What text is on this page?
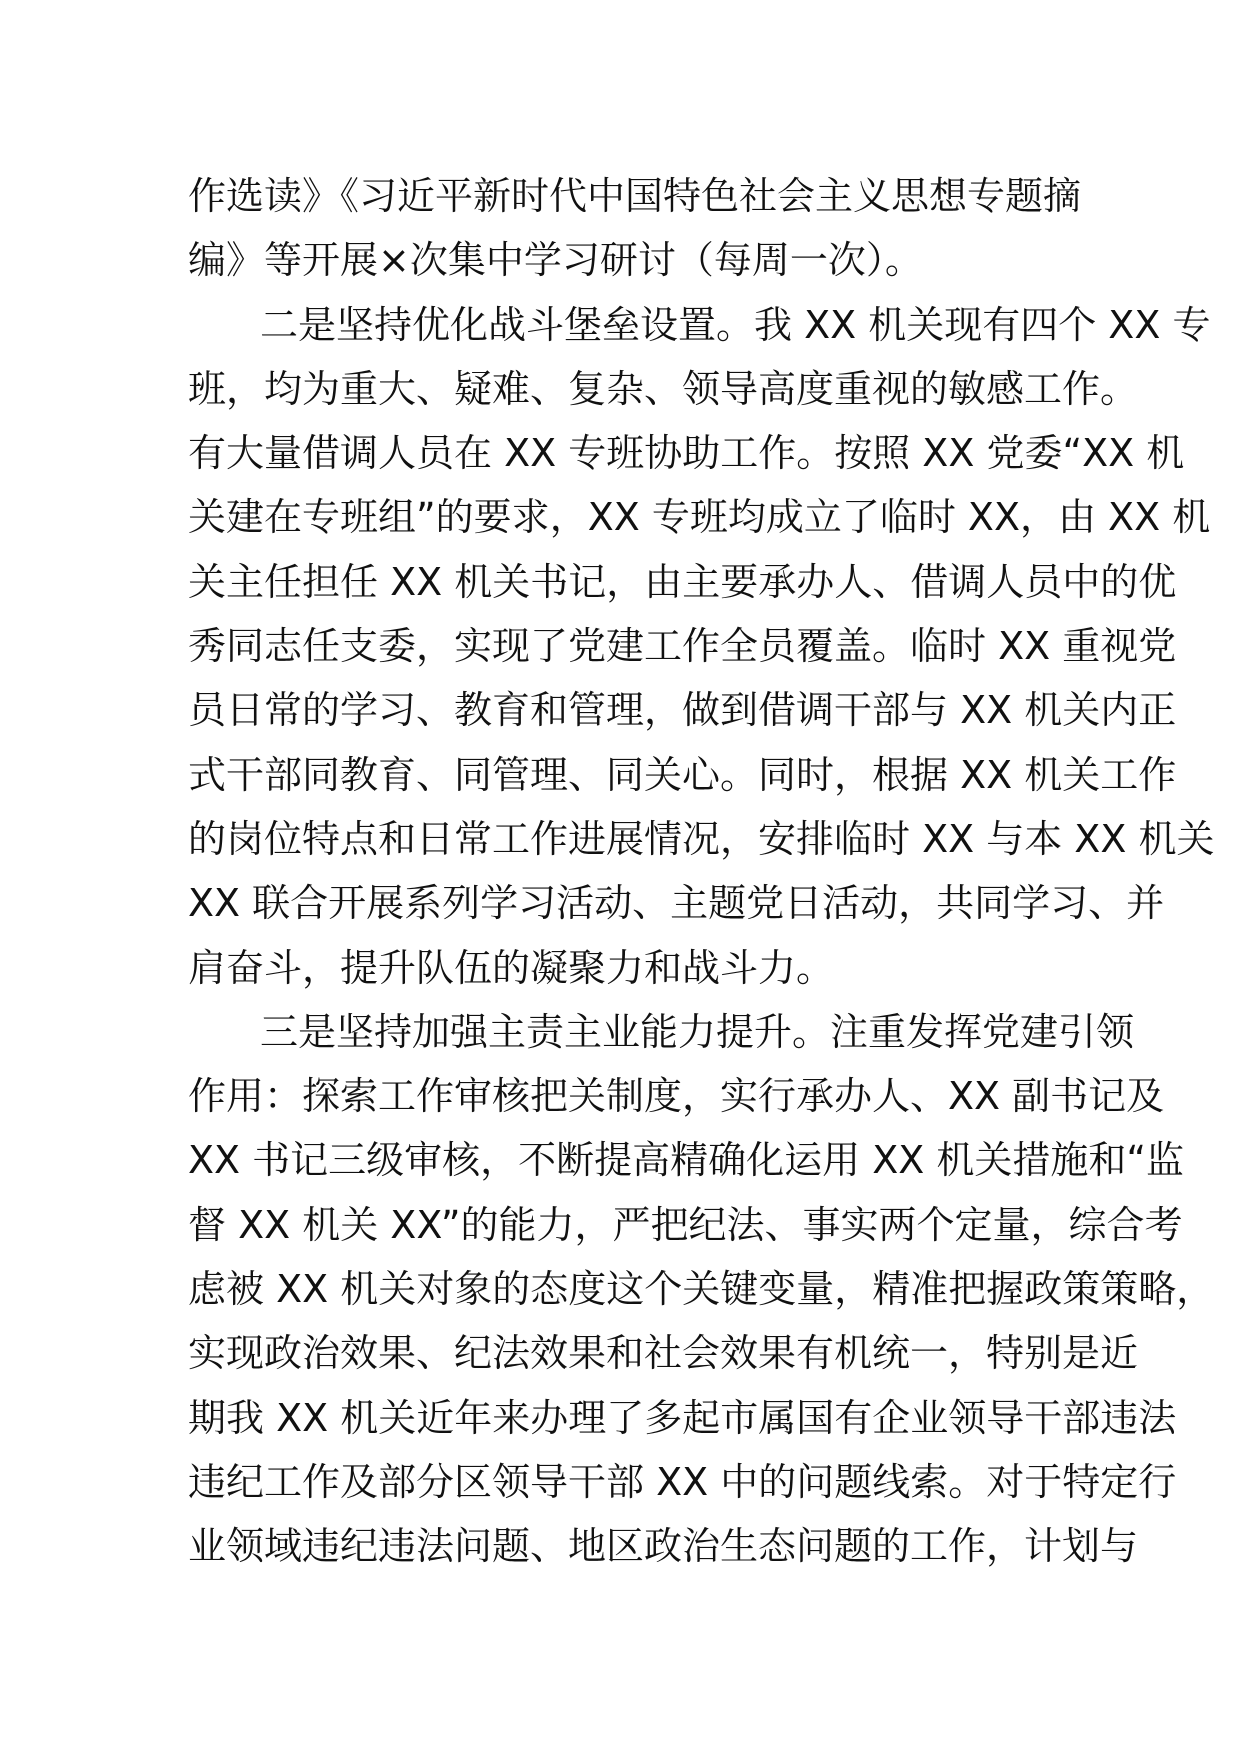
作选读》《习近平新时代中国特色社会主义思想专题摘
编》等开展×次集中学习研讨（每周一次）。
二是坚持优化战斗堡垒设置。我 XX 机关现有四个 XX 专
班，均为重大、疑难、复杂、领导高度重视的敏感工作。
有大量借调人员在 XX 专班协助工作。按照 XX 党委“XX 机
关建在专班组”的要求，XX 专班均成立了临时 XX，由 XX 机
关主任担任 XX 机关书记，由主要承办人、借调人员中的优
秀同志任支委，实现了党建工作全员覆盖。临时 XX 重视党
员日常的学习、教育和管理，做到借调干部与 XX 机关内正
式干部同教育、同管理、同关心。同时，根据 XX 机关工作
的岗位特点和日常工作进展情况，安排临时 XX 与本 XX 机关
XX 联合开展系列学习活动、主题党日活动，共同学习、并
肩奋斗，提升队伍的凝聚力和战斗力。
三是坚持加强主责主业能力提升。注重发挥党建引领
作用：探索工作审核把关制度，实行承办人、XX 副书记及
XX 书记三级审核，不断提高精确化运用 XX 机关措施和“监
督 XX 机关 XX”的能力，严把纪法、事实两个定量，综合考
虑被 XX 机关对象的态度这个关键变量，精准把握政策策略，
实现政治效果、纪法效果和社会效果有机统一，特别是近
期我 XX 机关近年来办理了多起市属国有企业领导干部违法
违纪工作及部分区领导干部 XX 中的问题线索。对于特定行
业领域违纪违法问题、地区政治生态问题的工作，计划与
